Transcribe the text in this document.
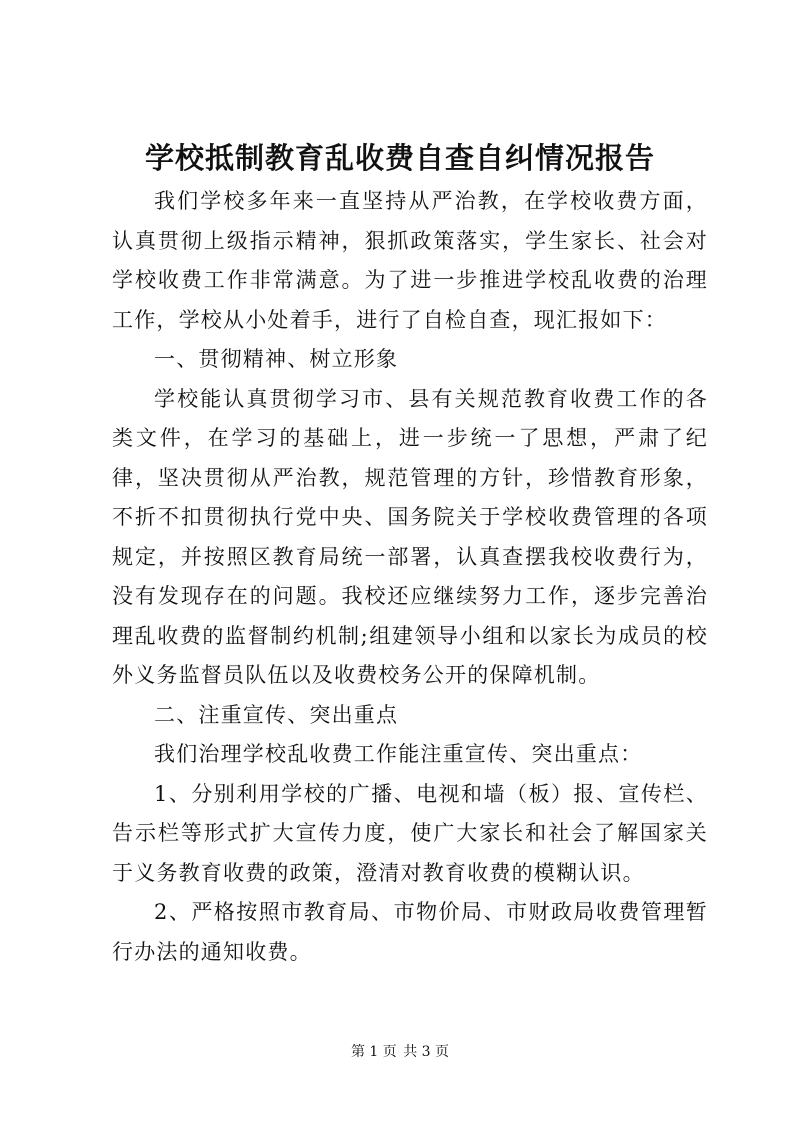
学校抵制教育乱收费自查自纠情况报告

我们学校多年来一直坚持从严治教，在学校收费方面，认真贯彻上级指示精神，狠抓政策落实，学生家长、社会对学校收费工作非常满意。为了进一步推进学校乱收费的治理工作，学校从小处着手，进行了自检自查，现汇报如下：

一、贯彻精神、树立形象

学校能认真贯彻学习市、县有关规范教育收费工作的各类文件，在学习的基础上，进一步统一了思想，严肃了纪律，坚决贯彻从严治教，规范管理的方针，珍惜教育形象，不折不扣贯彻执行党中央、国务院关于学校收费管理的各项规定，并按照区教育局统一部署，认真查摆我校收费行为，没有发现存在的问题。我校还应继续努力工作，逐步完善治理乱收费的监督制约机制;组建领导小组和以家长为成员的校外义务监督员队伍以及收费校务公开的保障机制。

二、注重宣传、突出重点

我们治理学校乱收费工作能注重宣传、突出重点：

1、分别利用学校的广播、电视和墙（板）报、宣传栏、告示栏等形式扩大宣传力度，使广大家长和社会了解国家关于义务教育收费的政策，澄清对教育收费的模糊认识。

2、严格按照市教育局、市物价局、市财政局收费管理暂行办法的通知收费。

第 1 页 共 3 页
